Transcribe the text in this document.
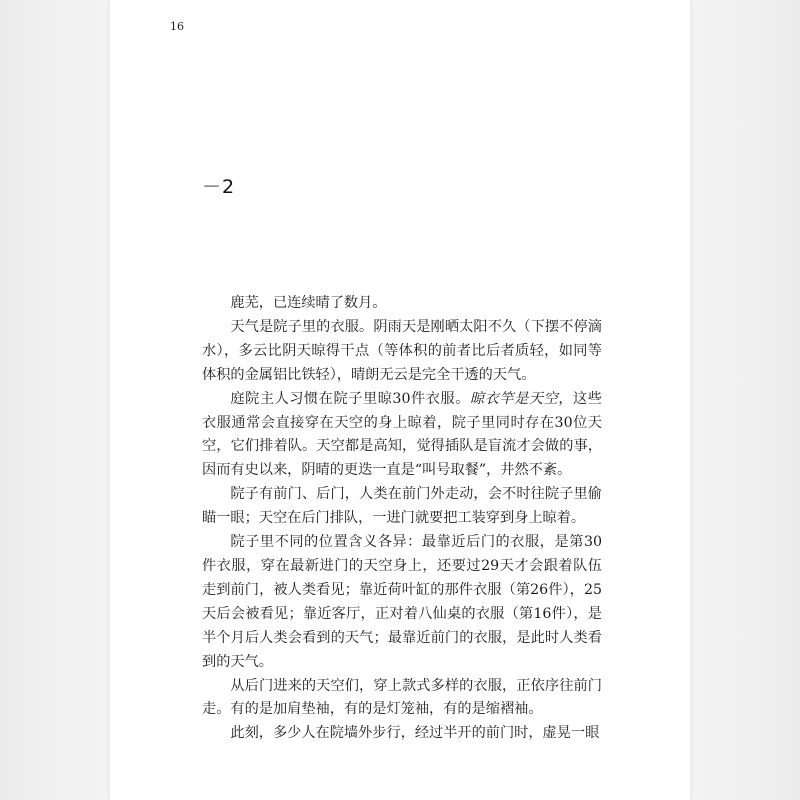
16
－2

鹿芜，已连续晴了数月。

天气是院子里的衣服。阴雨天是刚晒太阳不久（下摆不停滴水），多云比阴天晾得干点（等体积的前者比后者质轻，如同等体积的金属铝比铁轻），晴朗无云是完全干透的天气。

庭院主人习惯在院子里晾30件衣服。晾衣竿是天空，这些衣服通常会直接穿在天空的身上晾着，院子里同时存在30位天空，它们排着队。天空都是高知，觉得插队是盲流才会做的事，因而有史以来，阴晴的更迭一直是“叫号取餐”，井然不紊。

院子有前门、后门，人类在前门外走动，会不时往院子里偷瞄一眼；天空在后门排队，一进门就要把工装穿到身上晾着。

院子里不同的位置含义各异：最靠近后门的衣服，是第30件衣服，穿在最新进门的天空身上，还要过29天才会跟着队伍走到前门，被人类看见；靠近荷叶缸的那件衣服（第26件），25天后会被看见；靠近客厅，正对着八仙桌的衣服（第16件），是半个月后人类会看到的天气；最靠近前门的衣服，是此时人类看到的天气。

从后门进来的天空们，穿上款式多样的衣服，正依序往前门走。有的是加肩垫袖，有的是灯笼袖，有的是缩褶袖。

此刻，多少人在院墙外步行，经过半开的前门时，虚晃一眼
